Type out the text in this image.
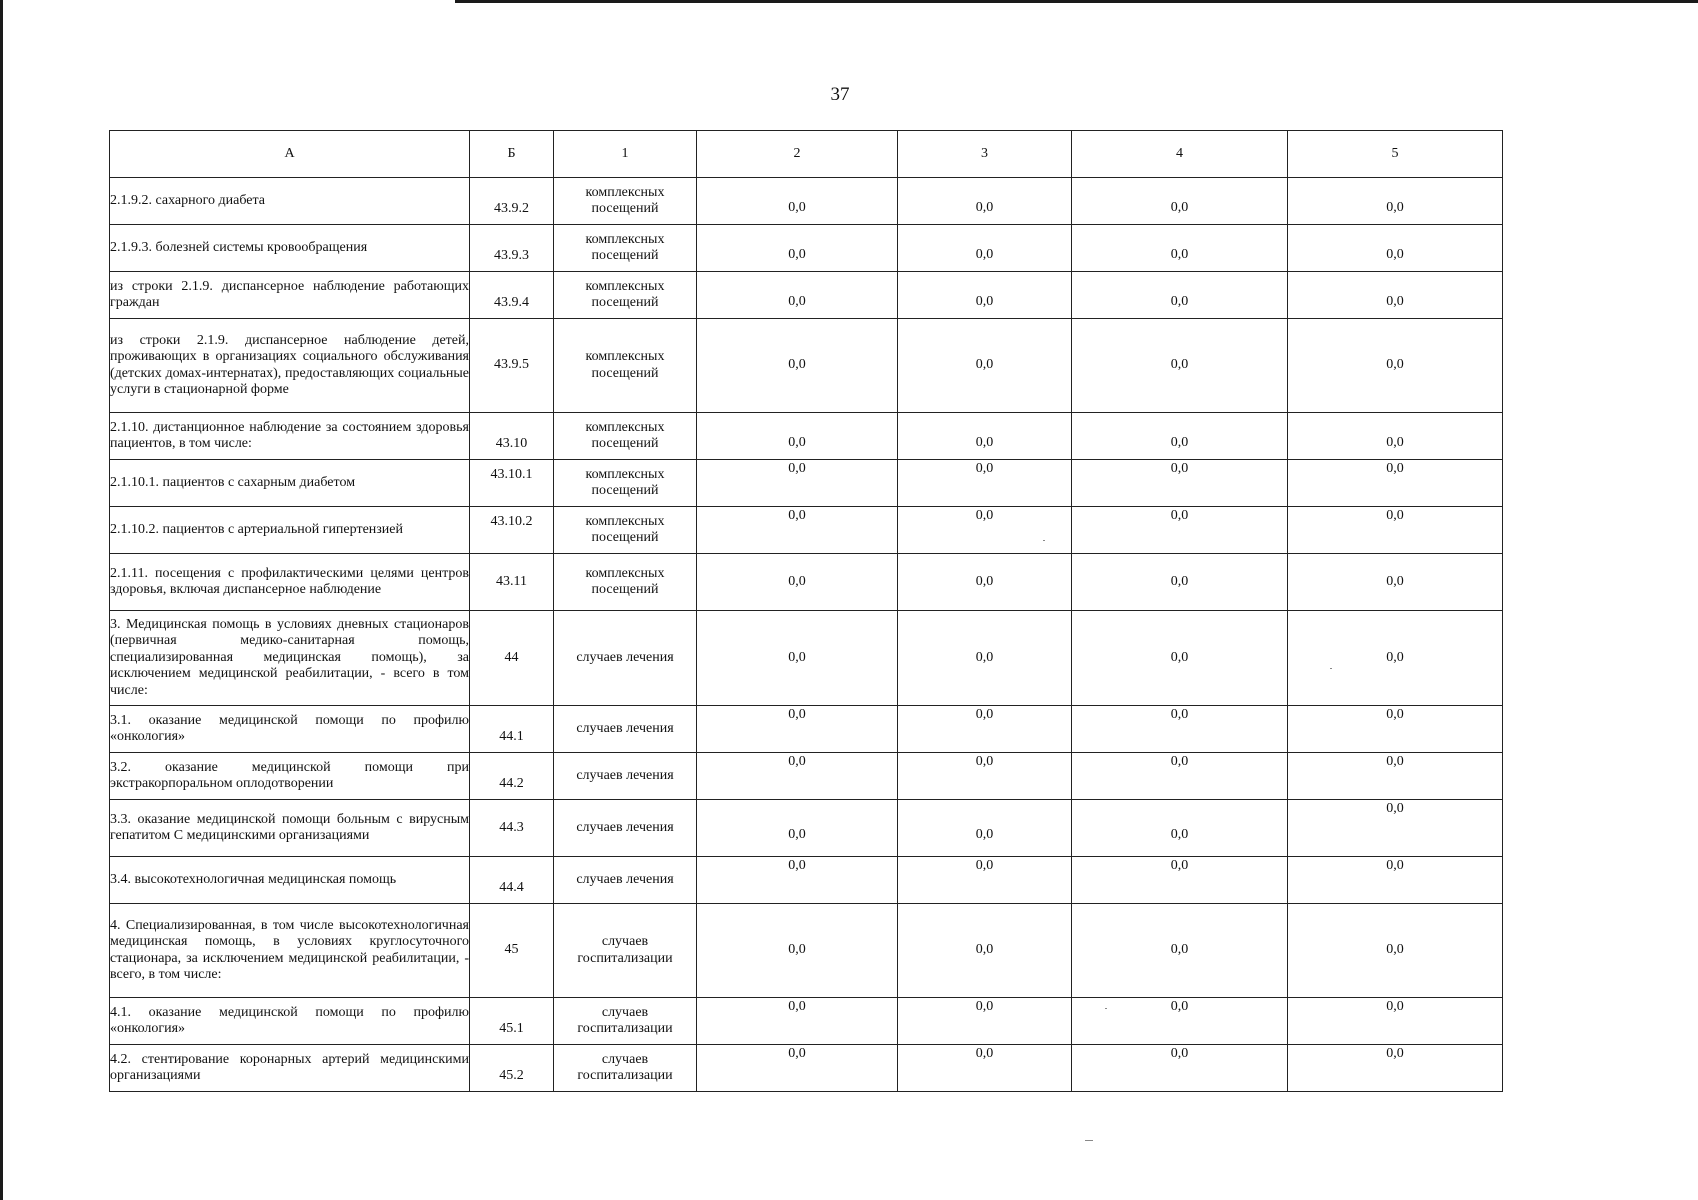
37
А	Б	1	2	3	4	5
2.1.9.2. сахарного диабета	43.9.2	комплексных посещений	0,0	0,0	0,0	0,0

2.1.9.3. болезней системы кровообращения	43.9.3	комплексных посещений	0,0	0,0	0,0	0,0

из строки 2.1.9. диспансерное наблюдение работающих граждан	43.9.4	комплексных посещений	0,0	0,0	0,0	0,0

из строки 2.1.9. диспансерное наблюдение детей, проживающих в организациях социального обслуживания (детских домах-интернатах), предоставляющих социальные услуги в стационарной форме	43.9.5	комплексных посещений	0,0	0,0	0,0	0,0
2.1.10. дистанционное наблюдение за состоянием здоровья пациентов, в том числе:	43.10	комплексных посещений	0,0	0,0	0,0	0,0

2.1.10.1. пациентов с сахарным диабетом	43.10.1	комплексных посещений	0,0	0,0	0,0	0,0

2.1.10.2. пациентов с артериальной гипертензией	43.10.2	комплексных посещений	0,0	0,0	0,0	0,0

2.1.11. посещения с профилактическими целями центров здоровья, включая диспансерное наблюдение	43.11	комплексных посещений	0,0	0,0	0,0	0,0
3. Медицинская помощь в условиях дневных стационаров (первичная медико-санитарная помощь, специализированная медицинская помощь), за исключением медицинской реабилитации, - всего в том числе:	44	случаев лечения	0,0	0,0	0,0	0,0
3.1. оказание медицинской помощи по профилю «онкология»	44.1	случаев лечения	0,0	0,0	0,0	0,0

3.2. оказание медицинской помощи при экстракорпоральном оплодотворении	44.2	случаев лечения	0,0	0,0	0,0	0,0

3.3. оказание медицинской помощи больным с вирусным гепатитом С медицинскими организациями	44.3	случаев лечения	0,0	0,0	0,0	0,0

3.4. высокотехнологичная медицинская помощь	44.4	случаев лечения	0,0	0,0	0,0	0,0

4. Специализированная, в том числе высокотехнологичная медицинская помощь, в условиях круглосуточного стационара, за исключением медицинской реабилитации, - всего, в том числе:	45	случаев госпитализации	0,0	0,0	0,0	0,0
4.1. оказание медицинской помощи по профилю «онкология»	45.1	случаев госпитализации	0,0	0,0	0,0	0,0

4.2. стентирование коронарных артерий медицинскими организациями	45.2	случаев госпитализации	0,0	0,0	0,0	0,0
